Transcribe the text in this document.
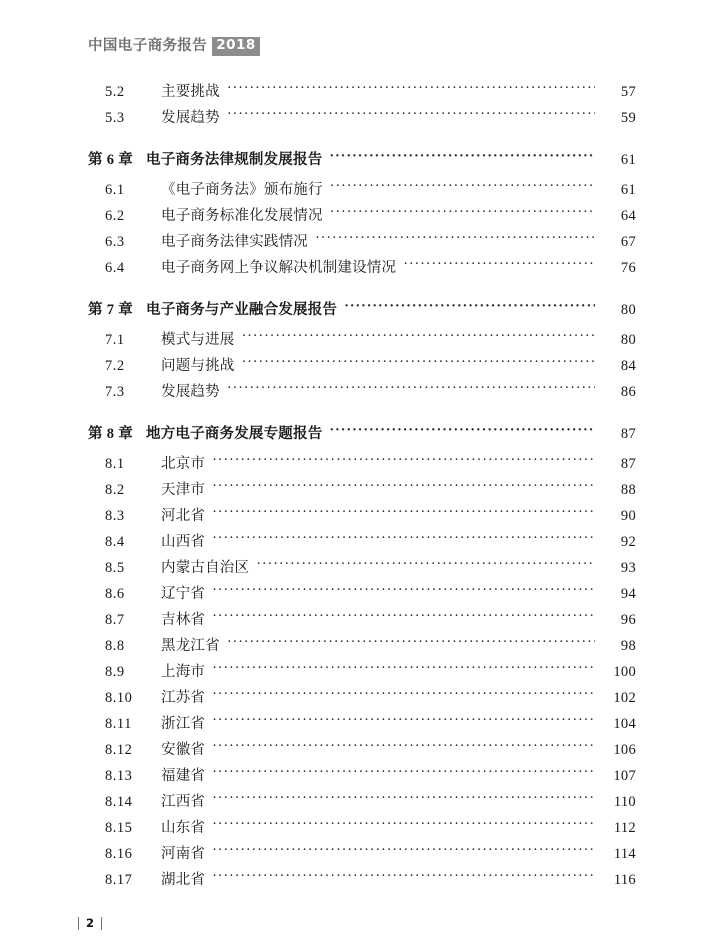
中国电子商务报告 2018
5.2	主要挑战 ·····	57
5.3	发展趋势 ·····	59
第 6 章 电子商务法律规制发展报告 ·····	61
6.1	《电子商务法》颁布施行 ·····	61
6.2	电子商务标准化发展情况 ·····	64
6.3	电子商务法律实践情况 ·····	67
6.4	电子商务网上争议解决机制建设情况 ·····	76
第 7 章 电子商务与产业融合发展报告 ·····	80
7.1	模式与进展 ·····	80
7.2	问题与挑战 ·····	84
7.3	发展趋势 ·····	86
第 8 章 地方电子商务发展专题报告 ·····	87
8.1	北京市 ·····	87
8.2	天津市 ·····	88
8.3	河北省 ·····	90
8.4	山西省 ·····	92
8.5	内蒙古自治区 ·····	93
8.6	辽宁省 ·····	94
8.7	吉林省 ·····	96
8.8	黑龙江省 ·····	98
8.9	上海市 ·····	100
8.10	江苏省 ·····	102
8.11	浙江省 ·····	104
8.12	安徽省 ·····	106
8.13	福建省 ·····	107
8.14	江西省 ·····	110
8.15	山东省 ·····	112
8.16	河南省 ·····	114
8.17	湖北省 ·····	116
2
